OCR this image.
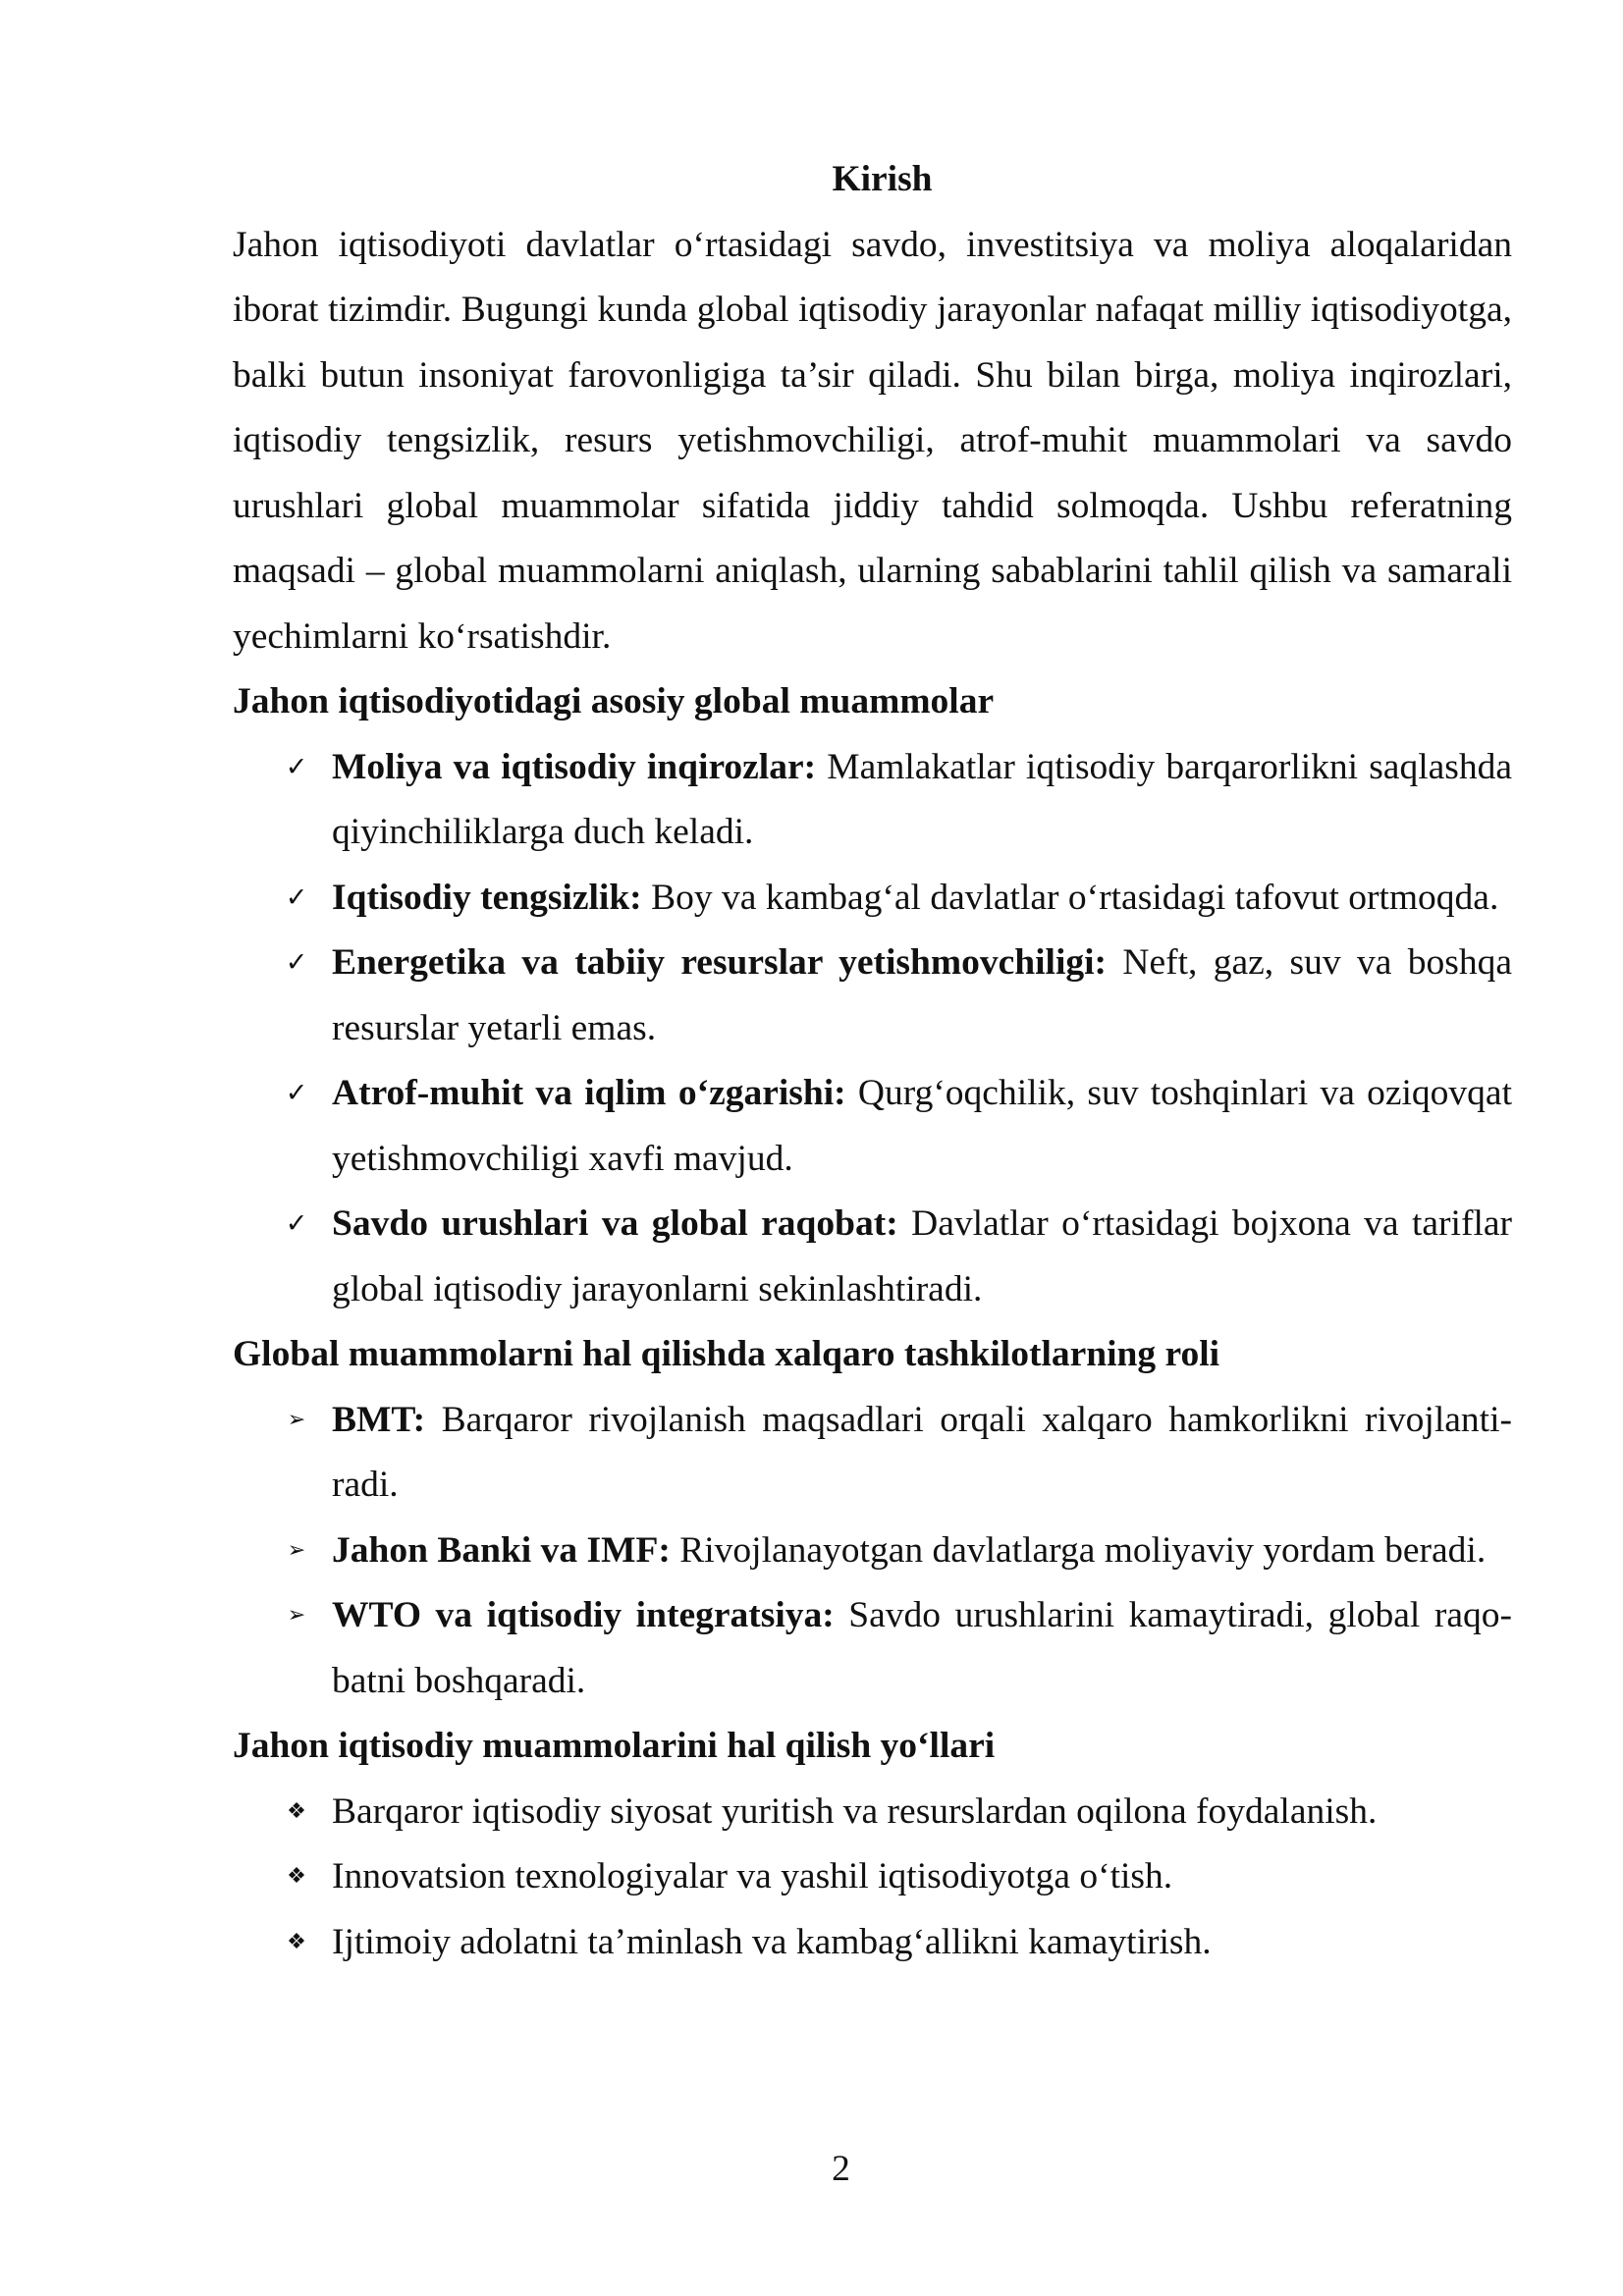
Kirish

Jahon iqtisodiyoti davlatlar o‘rtasidagi savdo, investitsiya va moliya aloqalaridan iborat tizimdir. Bugungi kunda global iqtisodiy jarayonlar nafaqat milliy iqtisodiyotga, balki butun insoniyat farovonligiga ta’sir qiladi. Shu bilan birga, moliya inqirozlari, iqtisodiy tengsizlik, resurs yetishmovchiligi, atrof-muhit muammolari va savdo urushlari global muammolar sifatida jiddiy tahdid solmoqda. Ushbu referatning maqsadi – global muammolarni aniqlash, ularning sabablarini tahlil qilish va samarali yechimlarni ko‘rsatishdir.

Jahon iqtisodiyotidagi asosiy global muammolar

✓ Moliya va iqtisodiy inqirozlar: Mamlakatlar iqtisodiy barqarorlikni saqlashda qiyinchiliklarga duch keladi.
✓ Iqtisodiy tengsizlik: Boy va kambag‘al davlatlar o‘rtasidagi tafovut ortmoqda.
✓ Energetika va tabiiy resurslar yetishmovchiligi: Neft, gaz, suv va boshqa resurslar yetarli emas.
✓ Atrof-muhit va iqlim o‘zgarishi: Qurg‘oqchilik, suv toshqinlari va oziqovqat yetishmovchiligi xavfi mavjud.
✓ Savdo urushlari va global raqobat: Davlatlar o‘rtasidagi bojxona va tariflar global iqtisodiy jarayonlarni sekinlashtiradi.

Global muammolarni hal qilishda xalqaro tashkilotlarning roli

➢ BMT: Barqaror rivojlanish maqsadlari orqali xalqaro hamkorlikni rivojlantiradi.
➢ Jahon Banki va IMF: Rivojlanayotgan davlatlarga moliyaviy yordam beradi.
➢ WTO va iqtisodiy integratsiya: Savdo urushlarini kamaytiradi, global raqobatni boshqaradi.

Jahon iqtisodiy muammolarini hal qilish yo‘llari

❖ Barqaror iqtisodiy siyosat yuritish va resurslardan oqilona foydalanish.
❖ Innovatsion texnologiyalar va yashil iqtisodiyotga o‘tish.
❖ Ijtimoiy adolatni ta’minlash va kambag‘allikni kamaytirish.
2
